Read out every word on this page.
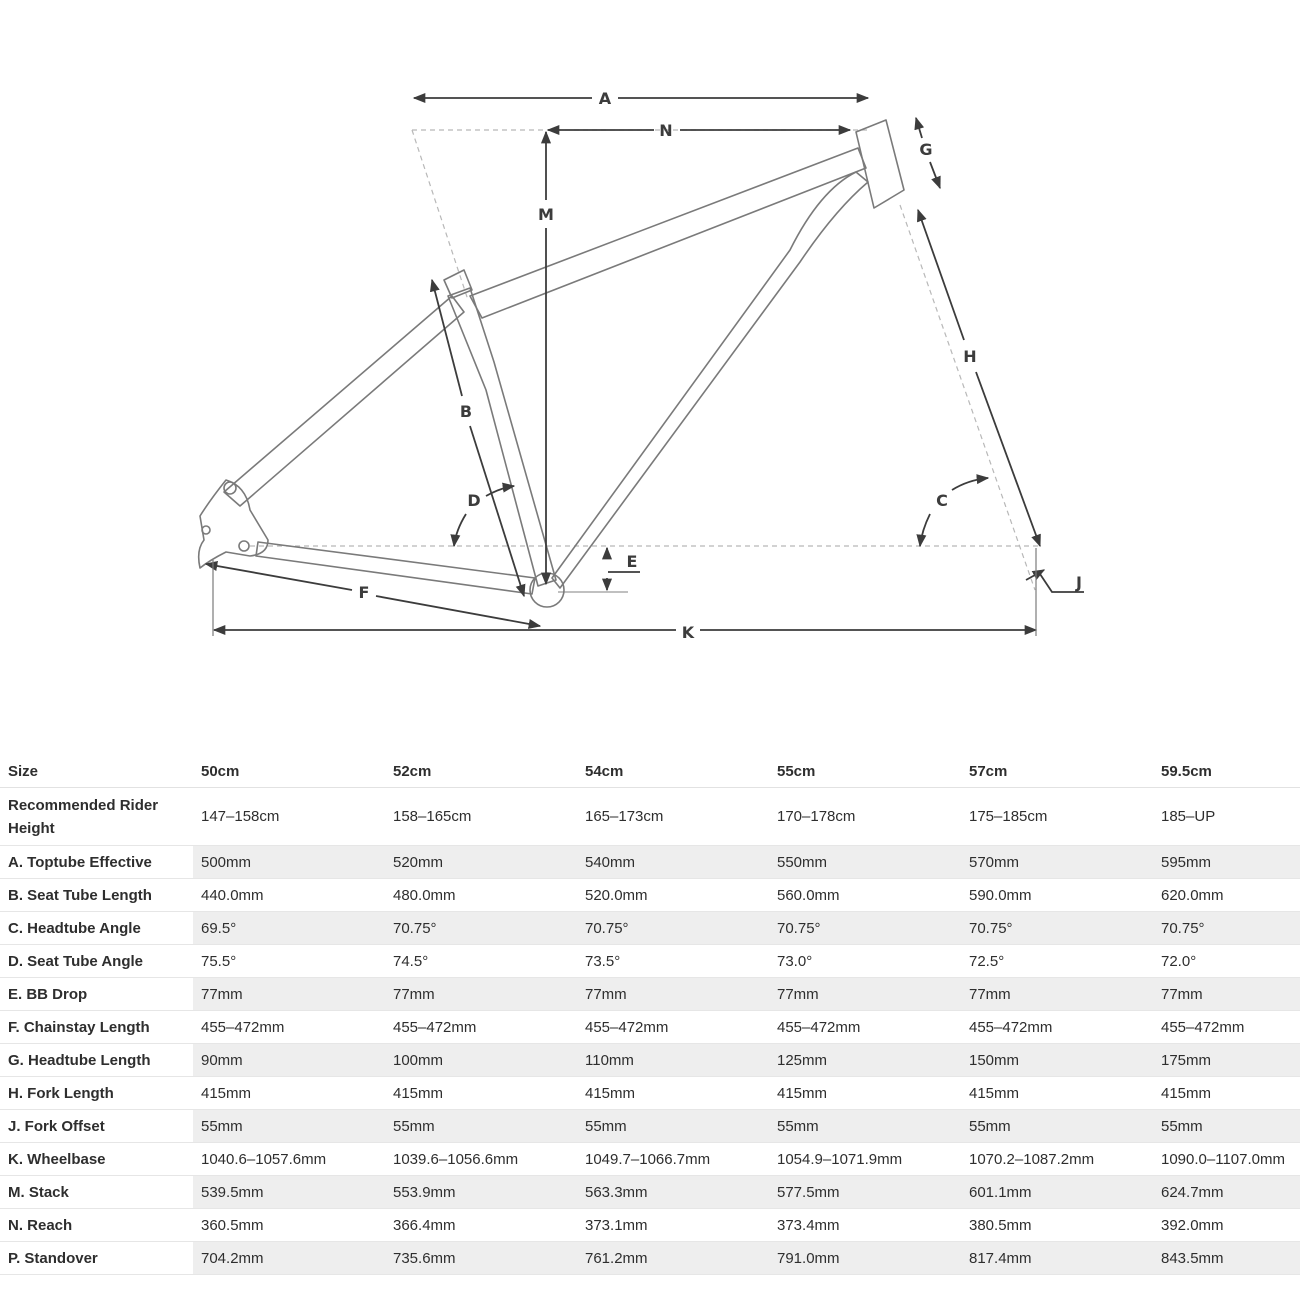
A
N
M
G
H
B
D	C
E
J
F
K
Size	50cm	52cm	54cm	55cm	57cm	59.5cm
Recommended Rider Height	147–158cm	158–165cm	165–173cm	170–178cm	175–185cm	185–UP
A. Toptube Effective	500mm	520mm	540mm	550mm	570mm	595mm
B. Seat Tube Length	440.0mm	480.0mm	520.0mm	560.0mm	590.0mm	620.0mm
C. Headtube Angle	69.5°	70.75°	70.75°	70.75°	70.75°	70.75°
D. Seat Tube Angle	75.5°	74.5°	73.5°	73.0°	72.5°	72.0°
E. BB Drop	77mm	77mm	77mm	77mm	77mm	77mm
F. Chainstay Length	455–472mm	455–472mm	455–472mm	455–472mm	455–472mm	455–472mm
G. Headtube Length	90mm	100mm	110mm	125mm	150mm	175mm
H. Fork Length	415mm	415mm	415mm	415mm	415mm	415mm
J. Fork Offset	55mm	55mm	55mm	55mm	55mm	55mm
K. Wheelbase	1040.6–1057.6mm	1039.6–1056.6mm	1049.7–1066.7mm	1054.9–1071.9mm	1070.2–1087.2mm	1090.0–1107.0mm
M. Stack	539.5mm	553.9mm	563.3mm	577.5mm	601.1mm	624.7mm
N. Reach	360.5mm	366.4mm	373.1mm	373.4mm	380.5mm	392.0mm
P. Standover	704.2mm	735.6mm	761.2mm	791.0mm	817.4mm	843.5mm
